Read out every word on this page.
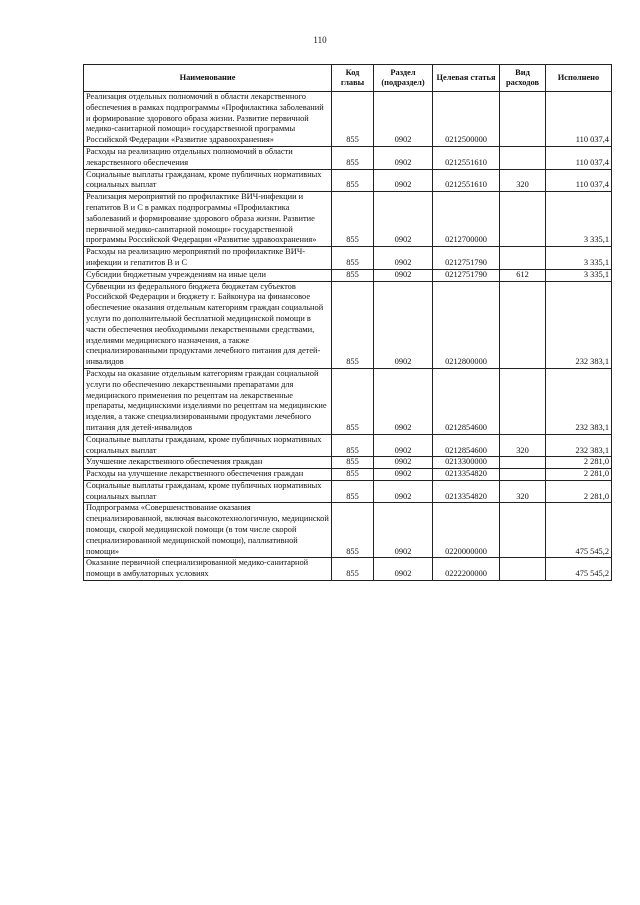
110
Наименование	Код главы	Раздел (подраздел)	Целевая статья	Вид расходов	Исполнено
Реализация отдельных полномочий в области лекарственного обеспечения в рамках подпрограммы «Профилактика заболеваний и формирование здорового образа жизни. Развитие первичной медико-санитарной помощи» государственной программы Российской Федерации «Развитие здравоохранения»	855	0902	0212500000		110 037,4
Расходы на реализацию отдельных полномочий в области лекарственного обеспечения	855	0902	0212551610		110 037,4
Социальные выплаты гражданам, кроме публичных нормативных социальных выплат	855	0902	0212551610	320	110 037,4
Реализация мероприятий по профилактике ВИЧ-инфекции и гепатитов В и С в рамках подпрограммы «Профилактика заболеваний и формирование здорового образа жизни. Развитие первичной медико-санитарной помощи» государственной программы Российской Федерации «Развитие здравоохранения»	855	0902	0212700000		3 335,1
Расходы на реализацию мероприятий по профилактике ВИЧ-инфекции и гепатитов В и С	855	0902	0212751790		3 335,1
Субсидии бюджетным учреждениям на иные цели	855	0902	0212751790	612	3 335,1
Субвенции из федерального бюджета бюджетам субъектов Российской Федерации и бюджету г. Байконура на финансовое обеспечение оказания отдельным категориям граждан социальной услуги по дополнительной бесплатной медицинской помощи в части обеспечения необходимыми лекарственными средствами, изделиями медицинского назначения, а также специализированными продуктами лечебного питания для детей-инвалидов	855	0902	0212800000		232 383,1
Расходы на оказание отдельным категориям граждан социальной услуги по обеспечению лекарственными препаратами для медицинского применения по рецептам на лекарственные препараты, медицинскими изделиями по рецептам на медицинские изделия, а также специализированными продуктами лечебного питания для детей-инвалидов	855	0902	0212854600		232 383,1
Социальные выплаты гражданам, кроме публичных нормативных социальных выплат	855	0902	0212854600	320	232 383,1
Улучшение лекарственного обеспечения граждан	855	0902	0213300000		2 281,0
Расходы на улучшение лекарственного обеспечения граждан	855	0902	0213354820		2 281,0
Социальные выплаты гражданам, кроме публичных нормативных социальных выплат	855	0902	0213354820	320	2 281,0
Подпрограмма «Совершенствование оказания специализированной, включая высокотехнологичную, медицинской помощи, скорой медицинской помощи (в том числе скорой специализированной медицинской помощи), паллиативной помощи»	855	0902	0220000000		475 545,2
Оказание первичной специализированной медико-санитарной помощи в амбулаторных условиях	855	0902	0222200000		475 545,2
